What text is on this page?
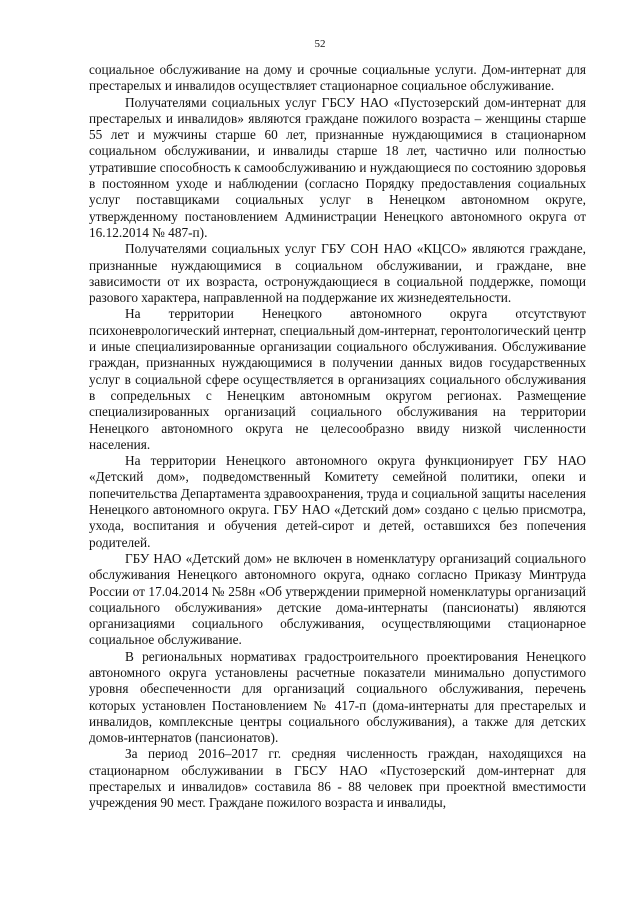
52

социальное обслуживание на дому и срочные социальные услуги. Дом-интернат для престарелых и инвалидов осуществляет стационарное социальное обслуживание.

Получателями социальных услуг ГБСУ НАО «Пустозерский дом-интернат для престарелых и инвалидов» являются граждане пожилого возраста – женщины старше 55 лет и мужчины старше 60 лет, признанные нуждающимися в стационарном социальном обслуживании, и инвалиды старше 18 лет, частично или полностью утратившие способность к самообслуживанию и нуждающиеся по состоянию здоровья в постоянном уходе и наблюдении (согласно Порядку предоставления социальных услуг поставщиками социальных услуг в Ненецком автономном округе, утвержденному постановлением Администрации Ненецкого автономного округа от 16.12.2014 № 487-п).

Получателями социальных услуг ГБУ СОН НАО «КЦСО» являются граждане, признанные нуждающимися в социальном обслуживании, и граждане, вне зависимости от их возраста, остронуждающиеся в социальной поддержке, помощи разового характера, направленной на поддержание их жизнедеятельности.

На территории Ненецкого автономного округа отсутствуют психоневрологический интернат, специальный дом-интернат, геронтологический центр и иные специализированные организации социального обслуживания. Обслуживание граждан, признанных нуждающимися в получении данных видов государственных услуг в социальной сфере осуществляется в организациях социального обслуживания в сопредельных с Ненецким автономным округом регионах. Размещение специализированных организаций социального обслуживания на территории Ненецкого автономного округа не целесообразно ввиду низкой численности населения.

На территории Ненецкого автономного округа функционирует ГБУ НАО «Детский дом», подведомственный Комитету семейной политики, опеки и попечительства Департамента здравоохранения, труда и социальной защиты населения Ненецкого автономного округа. ГБУ НАО «Детский дом» создано с целью присмотра, ухода, воспитания и обучения детей-сирот и детей, оставшихся без попечения родителей.

ГБУ НАО «Детский дом» не включен в номенклатуру организаций социального обслуживания Ненецкого автономного округа, однако согласно Приказу Минтруда России от 17.04.2014 № 258н «Об утверждении примерной номенклатуры организаций социального обслуживания» детские дома-интернаты (пансионаты) являются организациями социального обслуживания, осуществляющими стационарное социальное обслуживание.

В региональных нормативах градостроительного проектирования Ненецкого автономного округа установлены расчетные показатели минимально допустимого уровня обеспеченности для организаций социального обслуживания, перечень которых установлен Постановлением № 417-п (дома-интернаты для престарелых и инвалидов, комплексные центры социального обслуживания), а также для детских домов-интернатов (пансионатов).

За период 2016–2017 гг. средняя численность граждан, находящихся на стационарном обслуживании в ГБСУ НАО «Пустозерский дом-интернат для престарелых и инвалидов» составила 86 - 88 человек при проектной вместимости учреждения 90 мест. Граждане пожилого возраста и инвалиды,
